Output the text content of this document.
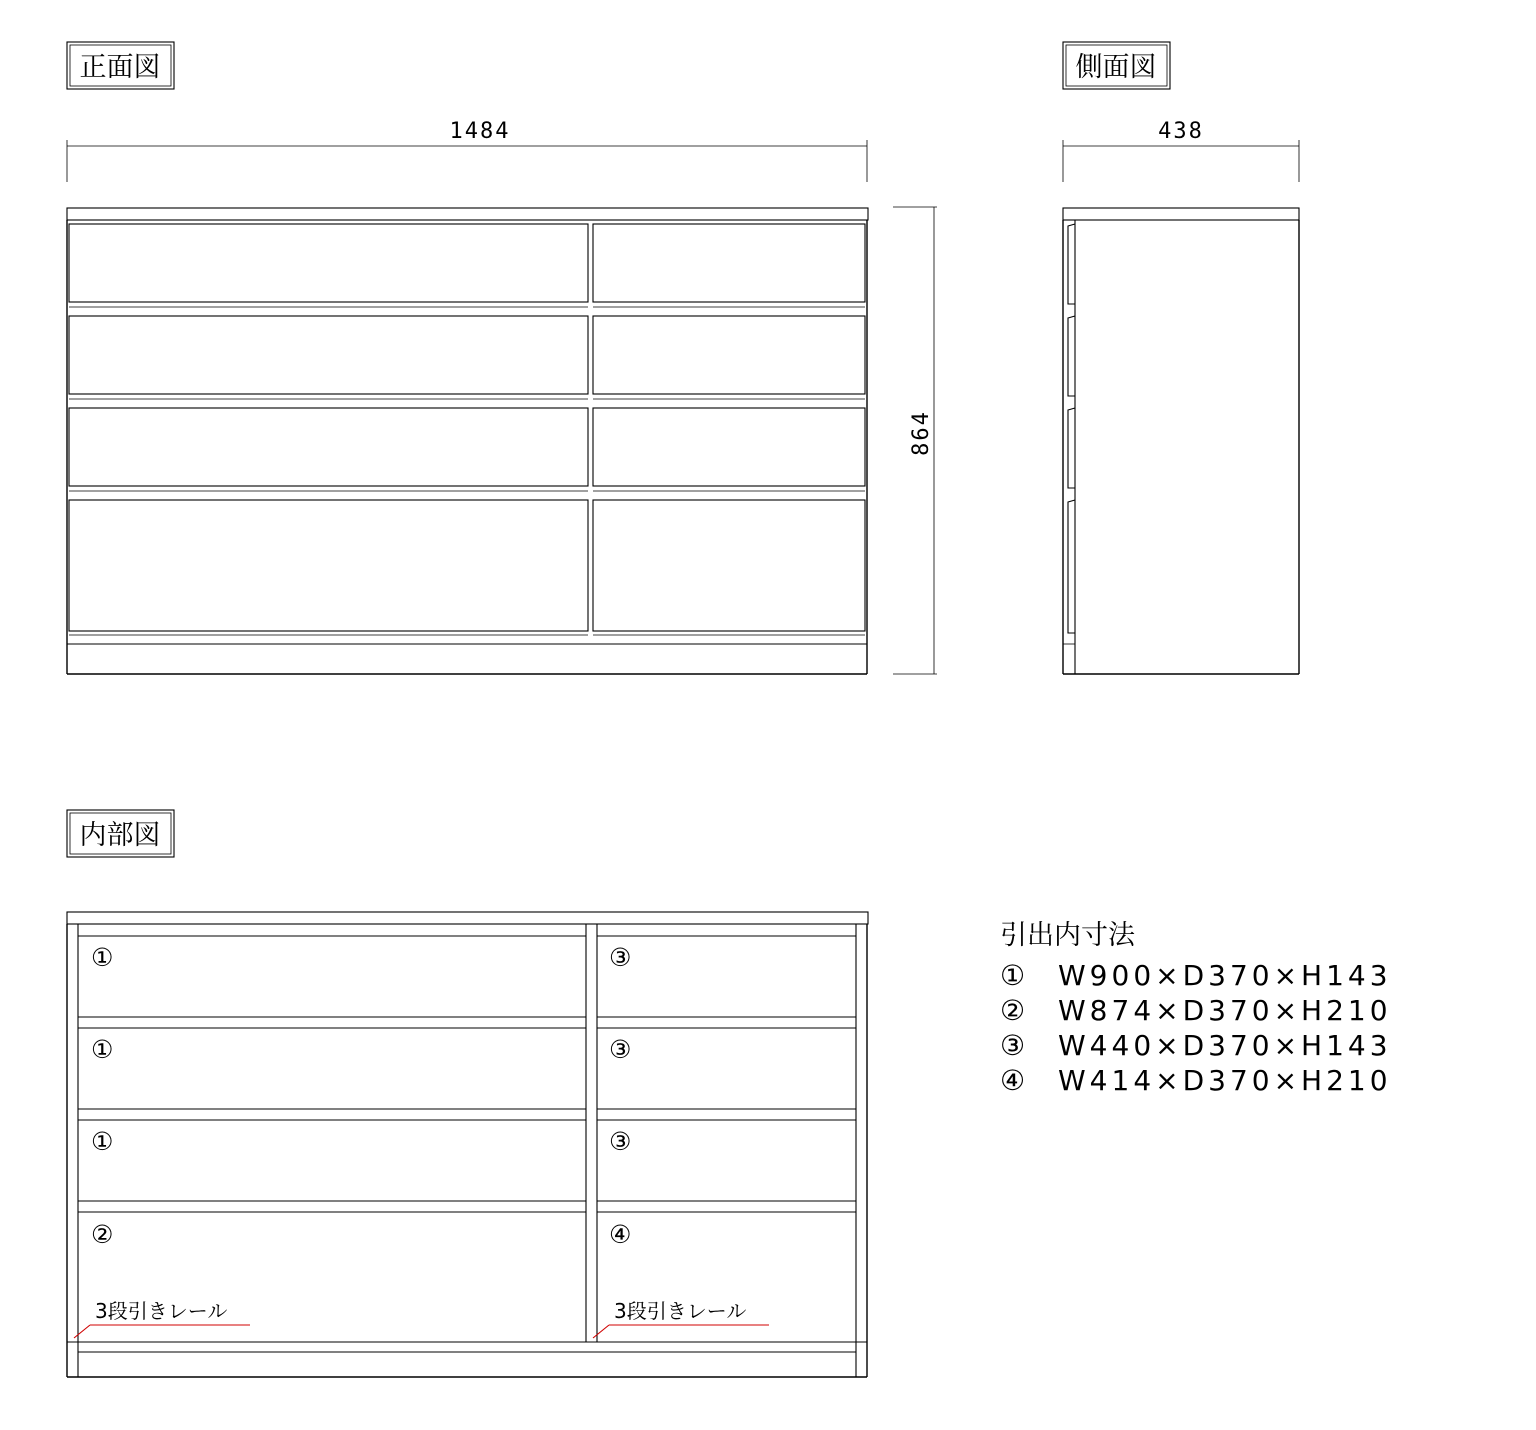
正面図	側面図
内部図
1484
864
438
①
①
①
②
③
③
③
④
3段引きレール	3段引きレール
引出内寸法
① W900×D370×H143
② W874×D370×H210
③ W440×D370×H143
④ W414×D370×H210
